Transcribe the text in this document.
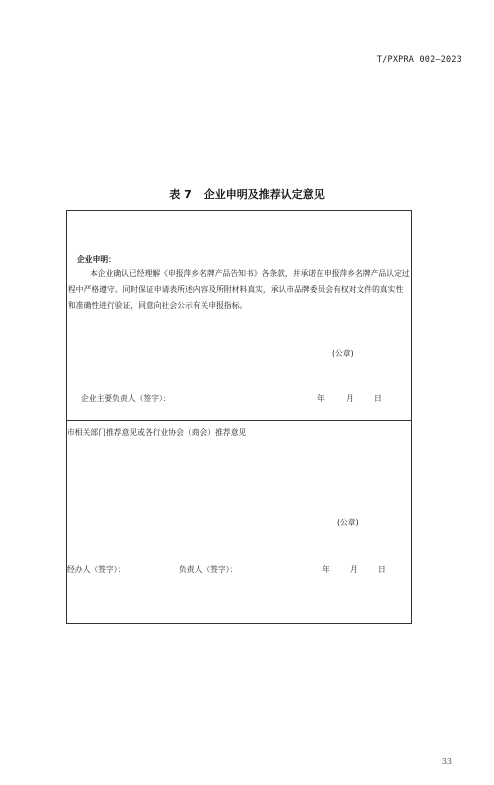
T/PXPRA 002—2023
表 7 企业申明及推荐认定意见
企业申明：
本企业确认已经理解《申报萍乡名牌产品告知书》各条款，并承诺在申报萍乡名牌产品认定过程中严格遵守。同时保证申请表所述内容及所附材料真实，承认市品牌委员会有权对文件的真实性和准确性进行验证，同意向社会公示有关申报指标。
(公章)
企业主要负责人（签字）：	年	月	日
市相关部门推荐意见或各行业协会（商会）推荐意见
(公章)
经办人（签字）：	负责人（签字）：	年	月	日
33
